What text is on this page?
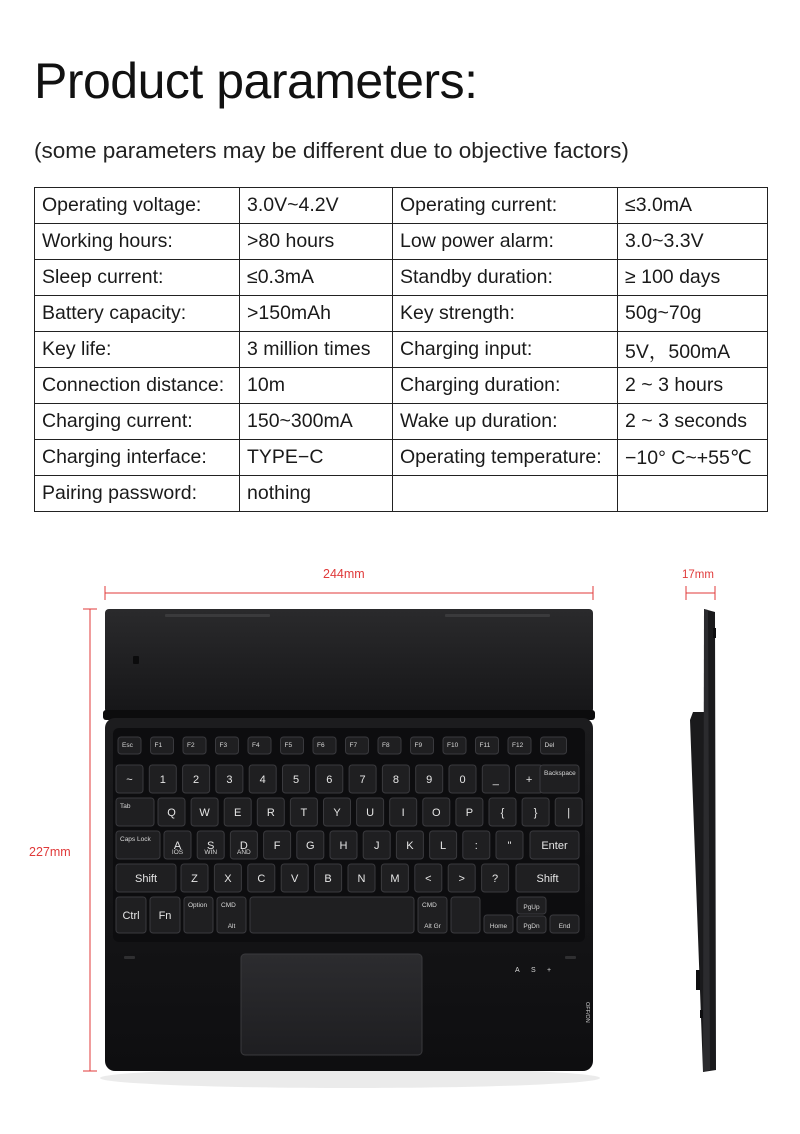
Product parameters:
(some parameters may be different due to objective factors)
Operating voltage:	3.0V~4.2V	Operating current:	≤3.0mA
Working hours:	>80 hours	Low power alarm:	3.0~3.3V
Sleep current:	≤0.3mA	Standby duration:	≥ 100 days
Battery capacity:	>150mAh	Key strength:	50g~70g
Key life:	3 million times	Charging input:	5V，500mA
Connection distance:	10m	Charging duration:	2 ~ 3 hours
Charging current:	150~300mA	Wake up duration:	2 ~ 3 seconds
Charging interface:	TYPE−C	Operating temperature:	−10° C~+55℃
Pairing password:	nothing		
244mm	17mm
227mm
Esc	F1	F2	F3	F4	F5	F6	F7	F8	F9	F10	F11	F12	Del
~ 1 2 3 4 5 6 7 8 9 0 _ +
Backspace
Tab
Q W E R T Y U	I O P	{	}	|
Caps Lock
A
IOS
S
WIN
D
AND
F G H J K L	:	"	Enter
Shift	Z X C V B N M < > ?	Shift
Ctrl Fn
Option CMD
Alt
CMD
Alt Gr	Home
PgUp
PgDn	End
A S +
OFF/ON
